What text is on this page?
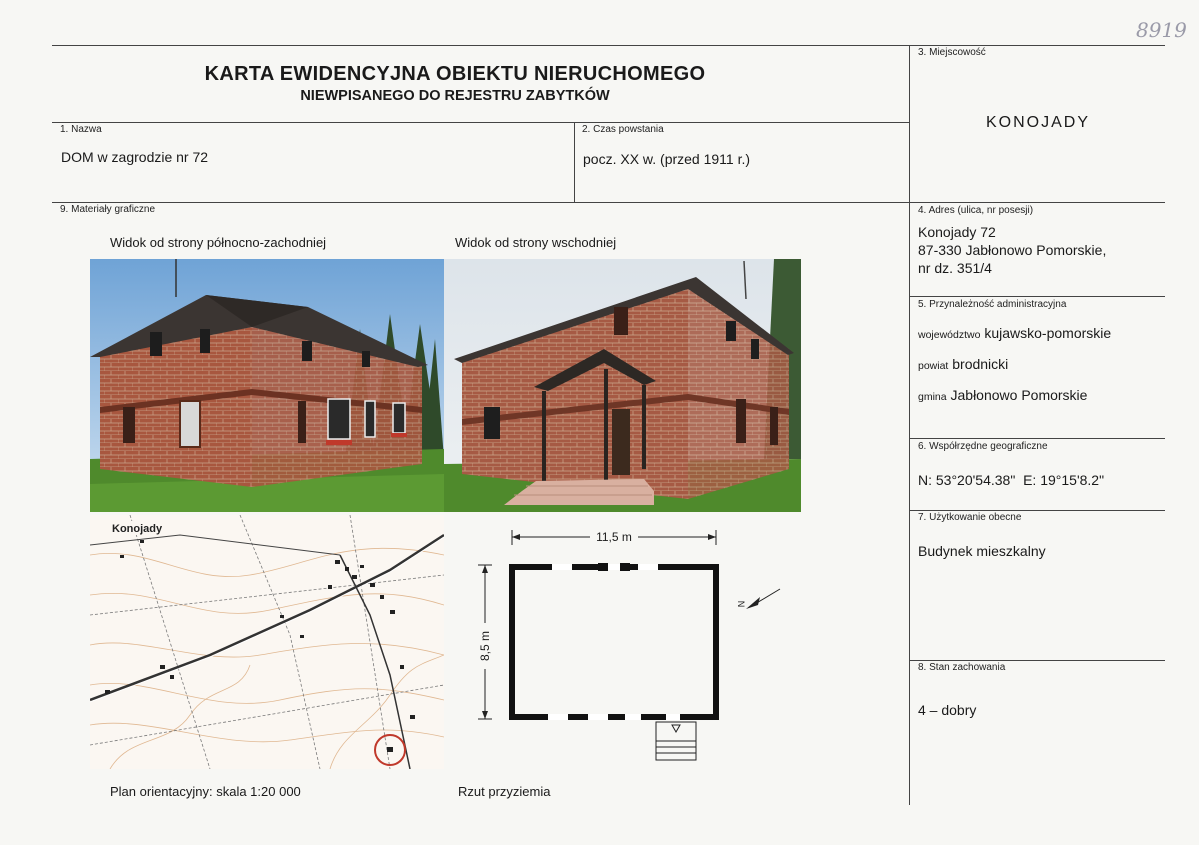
8919
KARTA EWIDENCYJNA OBIEKTU NIERUCHOMEGO
NIEWPISANEGO DO REJESTRU ZABYTKÓW
1. Nazwa
DOM w zagrodzie nr 72
2. Czas powstania
pocz. XX w. (przed 1911 r.)
3. Miejscowość
KONOJADY
4. Adres (ulica, nr posesji)
Konojady 72
87-330 Jabłonowo Pomorskie,
nr dz. 351/4
5. Przynależność administracyjna
województwo kujawsko-pomorskie
powiat brodnicki
gmina Jabłonowo Pomorskie
6. Współrzędne geograficzne
N: 53°20'54.38"  E: 19°15'8.2"
7. Użytkowanie obecne
Budynek mieszkalny
8. Stan zachowania
4 – dobry
9. Materiały graficzne
Widok od strony północno-zachodniej	Widok od strony wschodniej
Plan orientacyjny: skala 1:20 000	Rzut przyziemia
Konojady
11,5 m
8,5 m
N
